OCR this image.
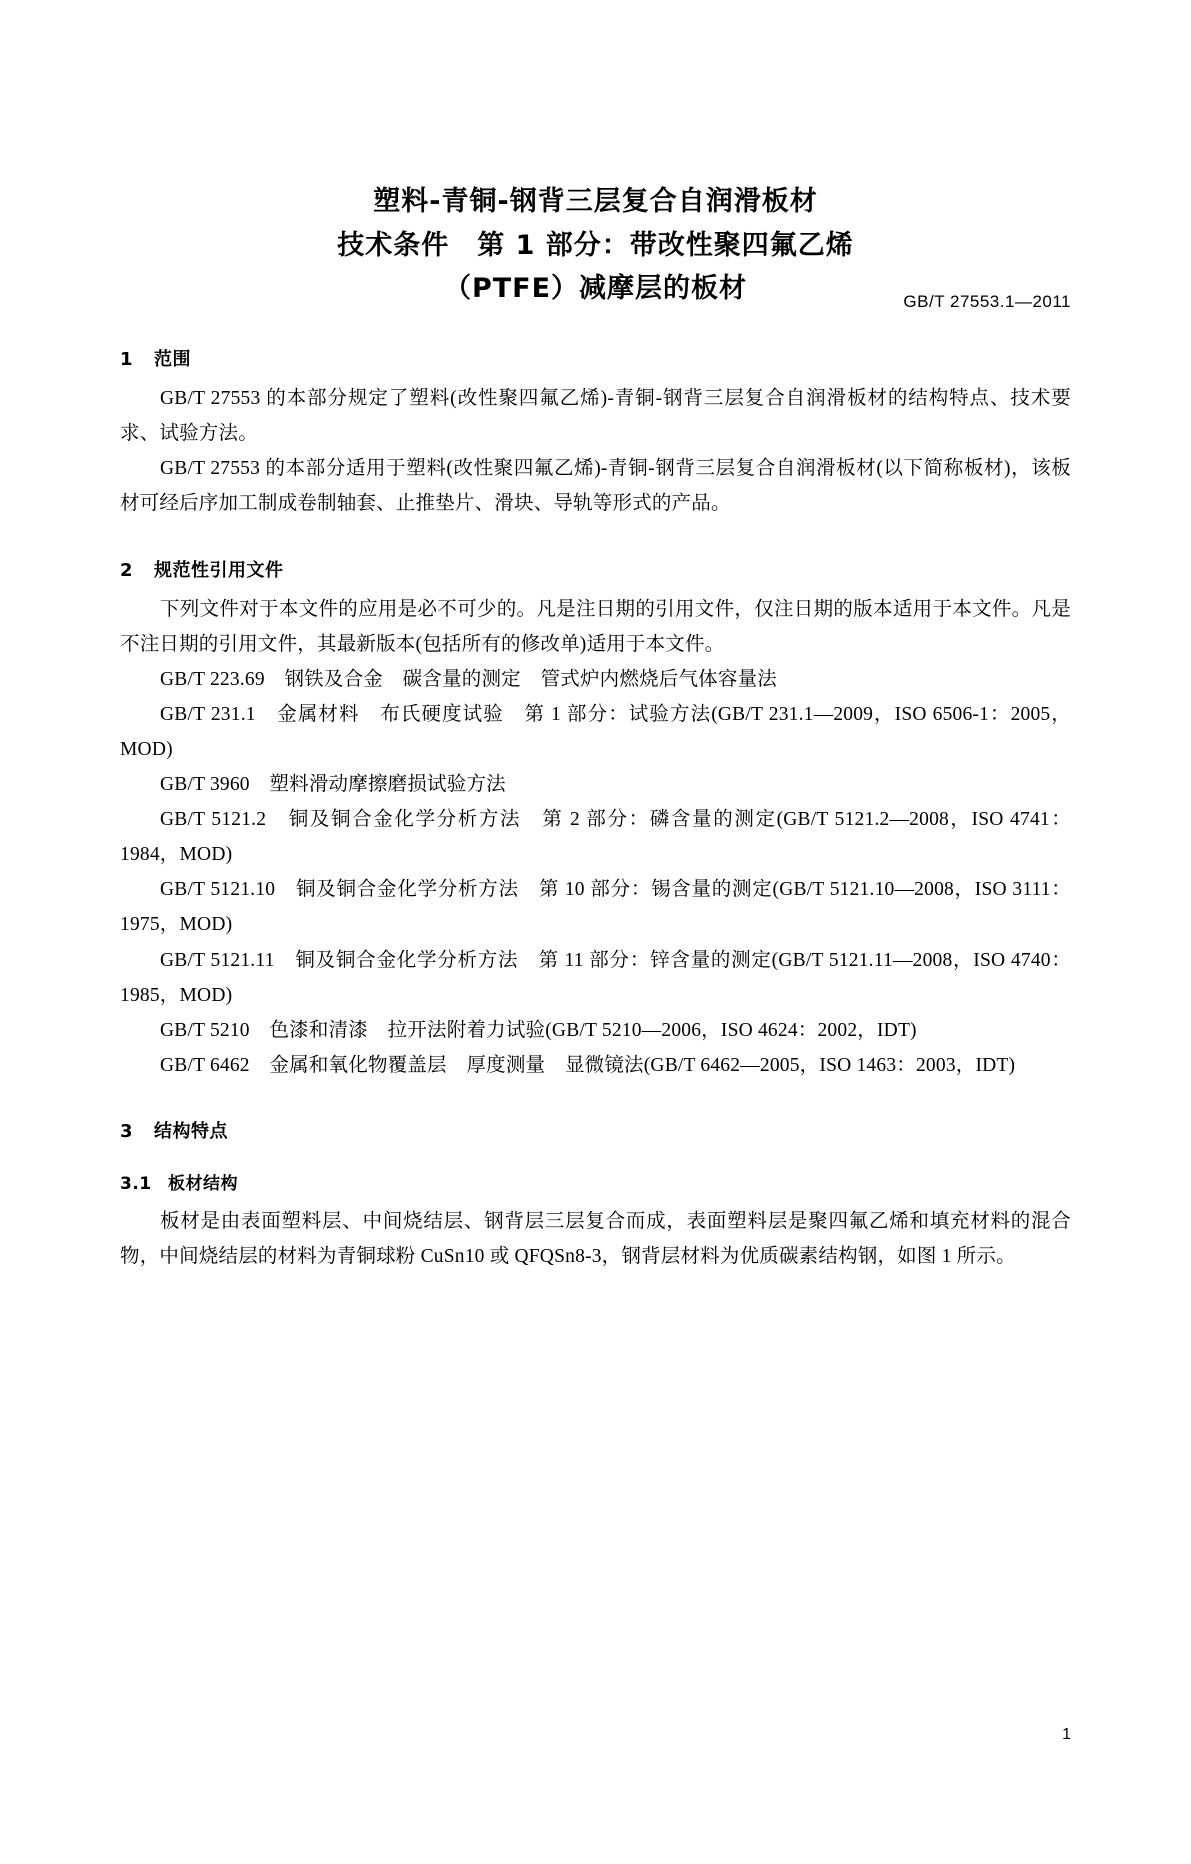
GB/T 27553.1—2011
塑料-青铜-钢背三层复合自润滑板材
技术条件　第 1 部分：带改性聚四氟乙烯
（PTFE）减摩层的板材
1 范围

GB/T 27553 的本部分规定了塑料(改性聚四氟乙烯)-青铜-钢背三层复合自润滑板材的结构特点、技术要求、试验方法。

GB/T 27553 的本部分适用于塑料(改性聚四氟乙烯)-青铜-钢背三层复合自润滑板材(以下简称板材)，该板材可经后序加工制成卷制轴套、止推垫片、滑块、导轨等形式的产品。

2 规范性引用文件

下列文件对于本文件的应用是必不可少的。凡是注日期的引用文件，仅注日期的版本适用于本文件。凡是不注日期的引用文件，其最新版本(包括所有的修改单)适用于本文件。

GB/T 223.69　钢铁及合金　碳含量的测定　管式炉内燃烧后气体容量法

GB/T 231.1　金属材料　布氏硬度试验　第 1 部分：试验方法(GB/T 231.1—2009，ISO 6506-1：2005，MOD)

GB/T 3960　塑料滑动摩擦磨损试验方法

GB/T 5121.2　铜及铜合金化学分析方法　第 2 部分：磷含量的测定(GB/T 5121.2—2008，ISO 4741：1984，MOD)

GB/T 5121.10　铜及铜合金化学分析方法　第 10 部分：锡含量的测定(GB/T 5121.10—2008，ISO 3111：1975，MOD)

GB/T 5121.11　铜及铜合金化学分析方法　第 11 部分：锌含量的测定(GB/T 5121.11—2008，ISO 4740：1985，MOD)

GB/T 5210　色漆和清漆　拉开法附着力试验(GB/T 5210—2006，ISO 4624：2002，IDT)

GB/T 6462　金属和氧化物覆盖层　厚度测量　显微镜法(GB/T 6462—2005，ISO 1463：2003，IDT)

3 结构特点
3.1 板材结构

板材是由表面塑料层、中间烧结层、钢背层三层复合而成，表面塑料层是聚四氟乙烯和填充材料的混合物，中间烧结层的材料为青铜球粉 CuSn10 或 QFQSn8-3，钢背层材料为优质碳素结构钢，如图 1 所示。

1
